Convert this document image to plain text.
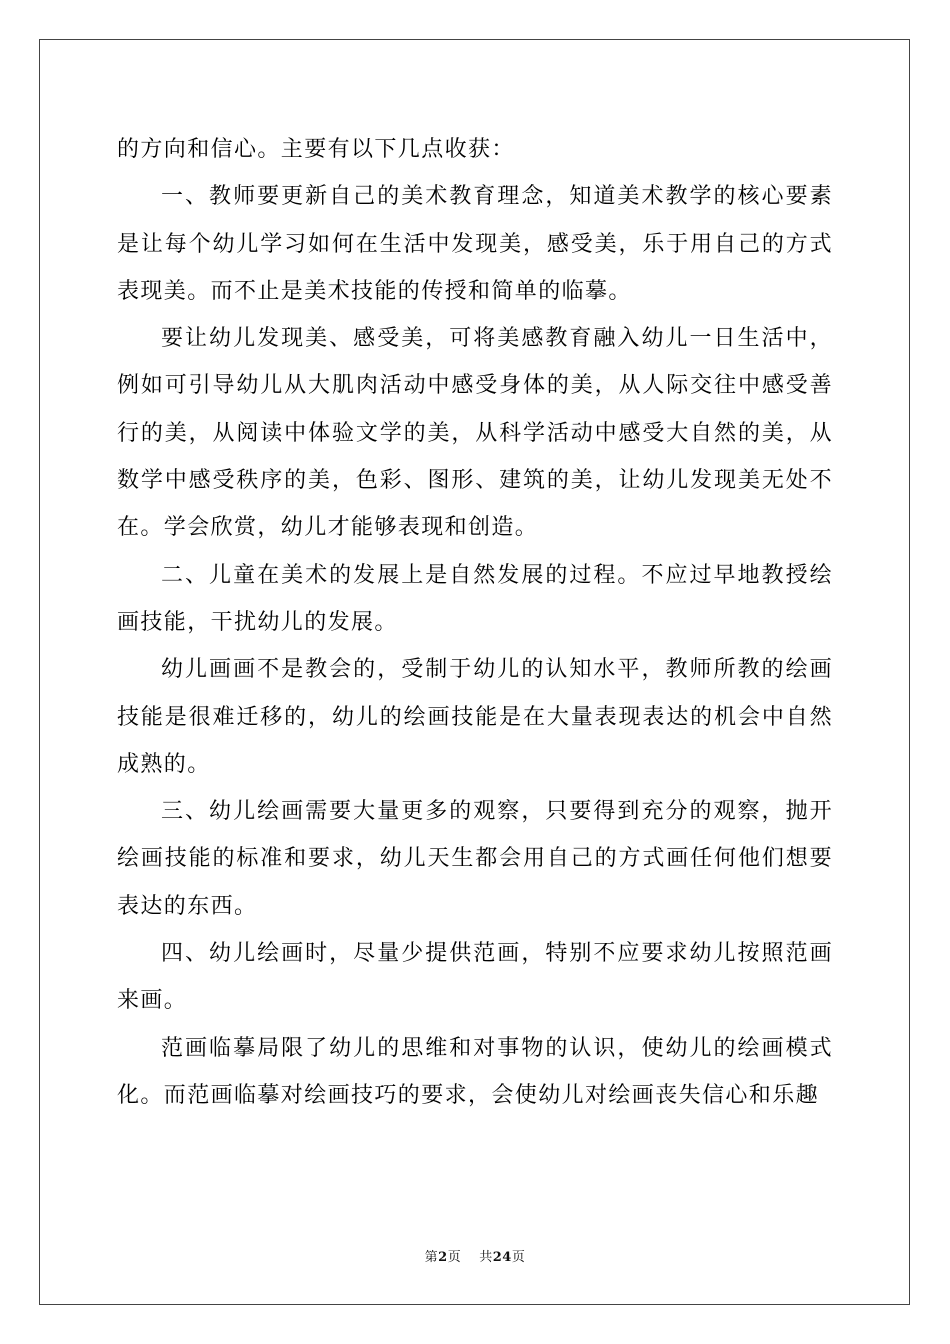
的方向和信心。主要有以下几点收获：

一、教师要更新自己的美术教育理念，知道美术教学的核心要素是让每个幼儿学习如何在生活中发现美，感受美，乐于用自己的方式表现美。而不止是美术技能的传授和简单的临摹。

要让幼儿发现美、感受美，可将美感教育融入幼儿一日生活中，例如可引导幼儿从大肌肉活动中感受身体的美，从人际交往中感受善行的美，从阅读中体验文学的美，从科学活动中感受大自然的美，从数学中感受秩序的美，色彩、图形、建筑的美，让幼儿发现美无处不在。学会欣赏，幼儿才能够表现和创造。

二、儿童在美术的发展上是自然发展的过程。不应过早地教授绘画技能，干扰幼儿的发展。

幼儿画画不是教会的，受制于幼儿的认知水平，教师所教的绘画技能是很难迁移的，幼儿的绘画技能是在大量表现表达的机会中自然成熟的。

三、幼儿绘画需要大量更多的观察，只要得到充分的观察，抛开绘画技能的标准和要求，幼儿天生都会用自己的方式画任何他们想要表达的东西。

四、幼儿绘画时，尽量少提供范画，特别不应要求幼儿按照范画来画。

范画临摹局限了幼儿的思维和对事物的认识，使幼儿的绘画模式化。而范画临摹对绘画技巧的要求，会使幼儿对绘画丧失信心和乐趣

第2页 共24页
